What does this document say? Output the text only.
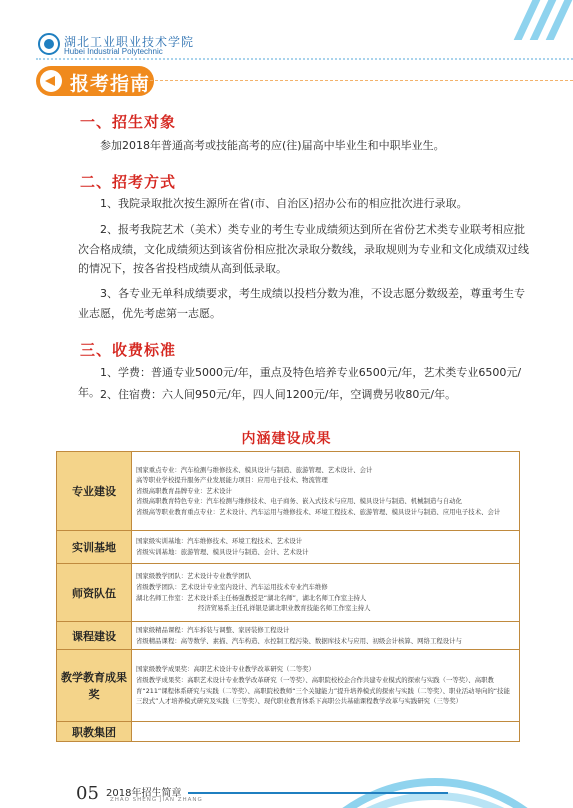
湖北工业职业技术学院
Hubei Industrial Polytechnic
报考指南
一、招生对象
参加2018年普通高考或技能高考的应(往)届高中毕业生和中职毕业生。
二、招考方式
1、我院录取批次按生源所在省(市、自治区)招办公布的相应批次进行录取。
2、报考我院艺术（美术）类专业的考生专业成绩须达到所在省份艺术类专业联考相应批次合格成绩，文化成绩须达到该省份相应批次录取分数线，录取规则为专业和文化成绩双过线的情况下，按各省投档成绩从高到低录取。
3、各专业无单科成绩要求，考生成绩以投档分数为准，不设志愿分数级差，尊重考生专业志愿，优先考虑第一志愿。
三、收费标准
1、学费：普通专业5000元/年，重点及特色培养专业6500元/年，艺术类专业6500元/年。 2、住宿费：六人间950元/年，四人间1200元/年，空调费另收80元/年。
内涵建设成果
专业建设	国家重点专业：汽车检测与维修技术、模具设计与制造、旅游管理、艺术设计、会计
高等职业学校提升服务产业发展能力项目：应用电子技术、物流管理
省级高职教育品牌专业：艺术设计
省级高职教育特色专业：汽车检测与维修技术、电子商务、嵌入式技术与应用、模具设计与制造、机械制造与自动化
省级高等职业教育重点专业：艺术设计、汽车运用与维修技术、环境工程技术、旅游管理、模具设计与制造、应用电子技术、会计

实训基地	国家级实训基地：汽车维修技术、环境工程技术、艺术设计
省级实训基地：旅游管理、模具设计与制造、会计、艺术设计

师资队伍	国家级教学团队：艺术设计专业教学团队
省级教学团队：艺术设计专业室内设计、汽车运用技术专业汽车维修
湖北名师工作室：艺术设计系主任杨强教授是“湖北名师”，湖北名师工作室主持人
经济贸易系主任孔祥银是湖北职业教育技能名师工作室主持人

课程建设	国家级精品课程：汽车拆装与调整、家居装修工程设计
省级精品课程：高等数学、素描、汽车构造、水控制工程污染、数据库技术与应用、初级会计核算、网络工程设计与

教学教育成果奖	国家级教学成果奖：高职艺术设计专业教学改革研究（二等奖）
省级教学成果奖：高职艺术设计专业教学改革研究（一等奖）、高职院校校企合作共建专业模式的探索与实践（一等奖）、高职教育“211”课程体系研究与实践（二等奖）、高职院校教师“三个关键能力”提升培养模式的探索与实践（二等奖）、职业活动导向的“技能三段式”人才培养模式研究及实践（三等奖）、现代职业教育体系下高职公共基础课程教学改革与实践研究（三等奖）

职教集团	
05 2018年招生简章
ZHAO SHENG JIAN ZHANG
